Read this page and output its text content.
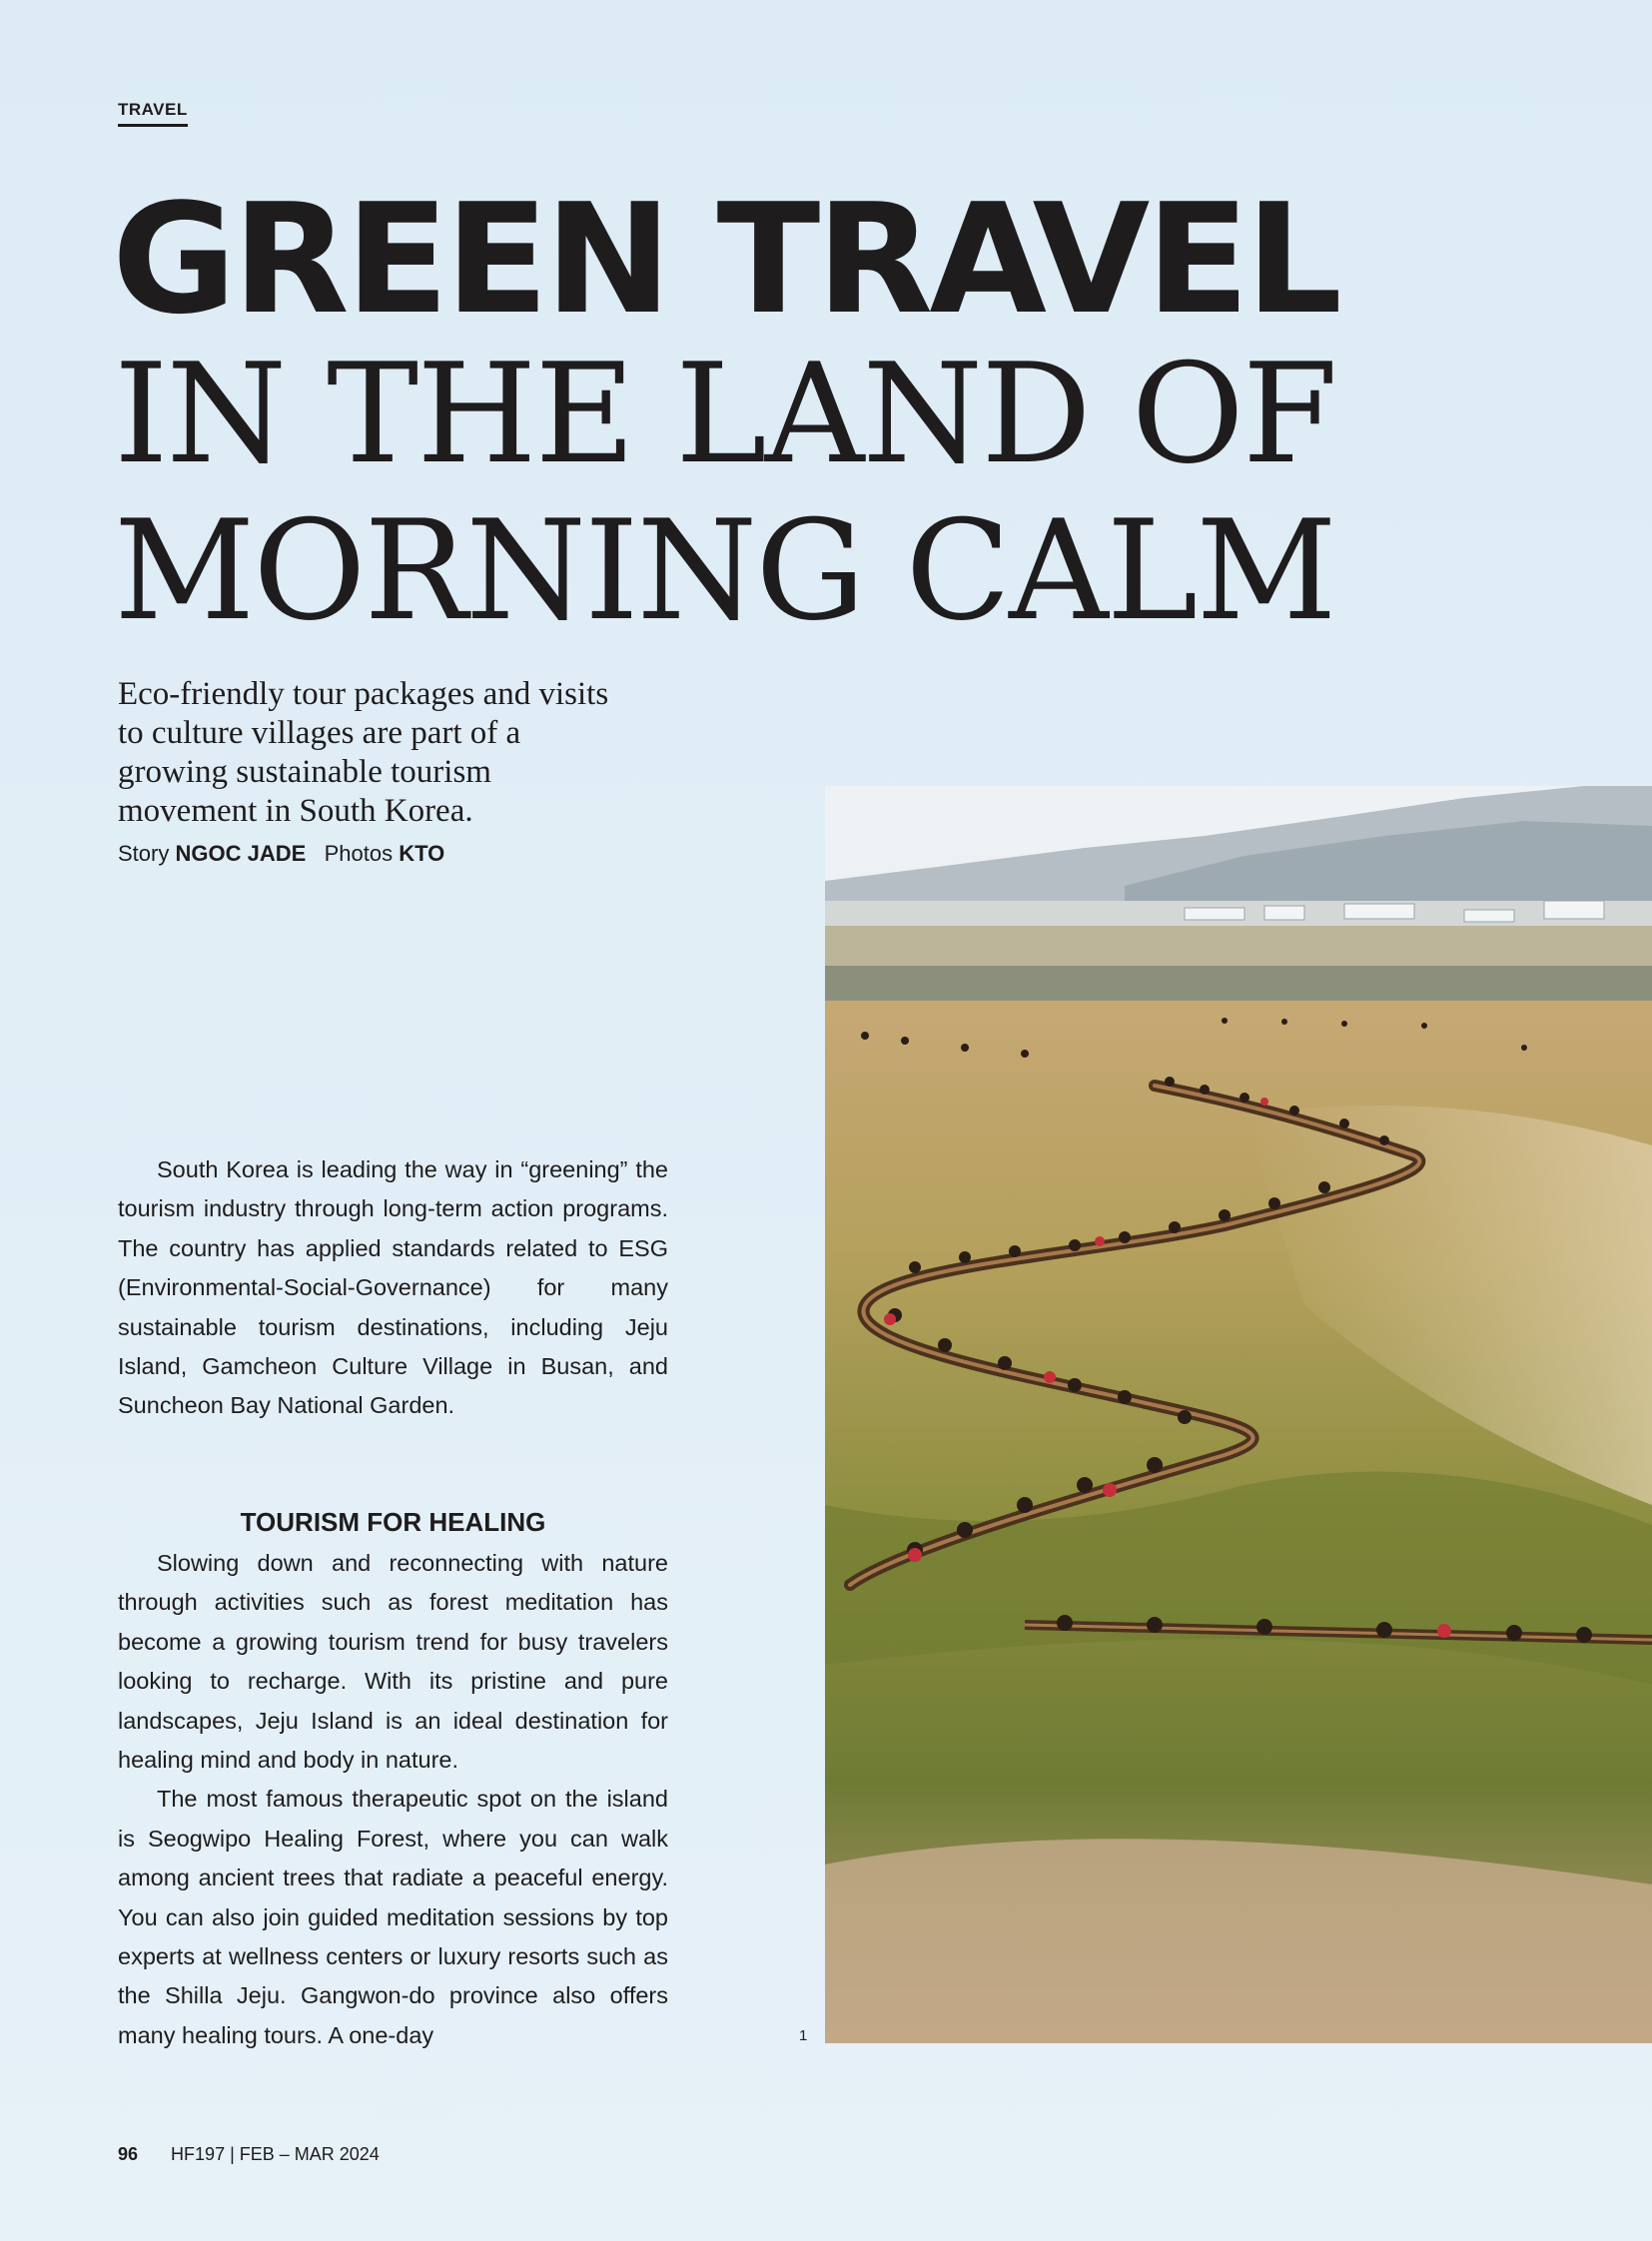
TRAVEL
GREEN TRAVEL
IN THE LAND OF
MORNING CALM
Eco-friendly tour packages and visits to culture villages are part of a growing sustainable tourism movement in South Korea.
Story NGOC JADE Photos KTO

South Korea is leading the way in “greening” the tourism industry through long-term action programs. The country has applied standards related to ESG (Environmental-Social-Governance) for many sustainable tourism destinations, including Jeju Island, Gamcheon Culture Village in Busan, and Suncheon Bay National Garden.

TOURISM FOR HEALING

Slowing down and reconnecting with nature through activities such as forest meditation has become a growing tourism trend for busy travelers looking to recharge. With its pristine and pure landscapes, Jeju Island is an ideal destination for healing mind and body in nature.

The most famous therapeutic spot on the island is Seogwipo Healing Forest, where you can walk among ancient trees that radiate a peaceful energy. You can also join guided meditation sessions by top experts at wellness centers or luxury resorts such as the Shilla Jeju. Gangwon-do province also offers many healing tours. A one-day	1
96 HF197 | FEB – MAR 2024
